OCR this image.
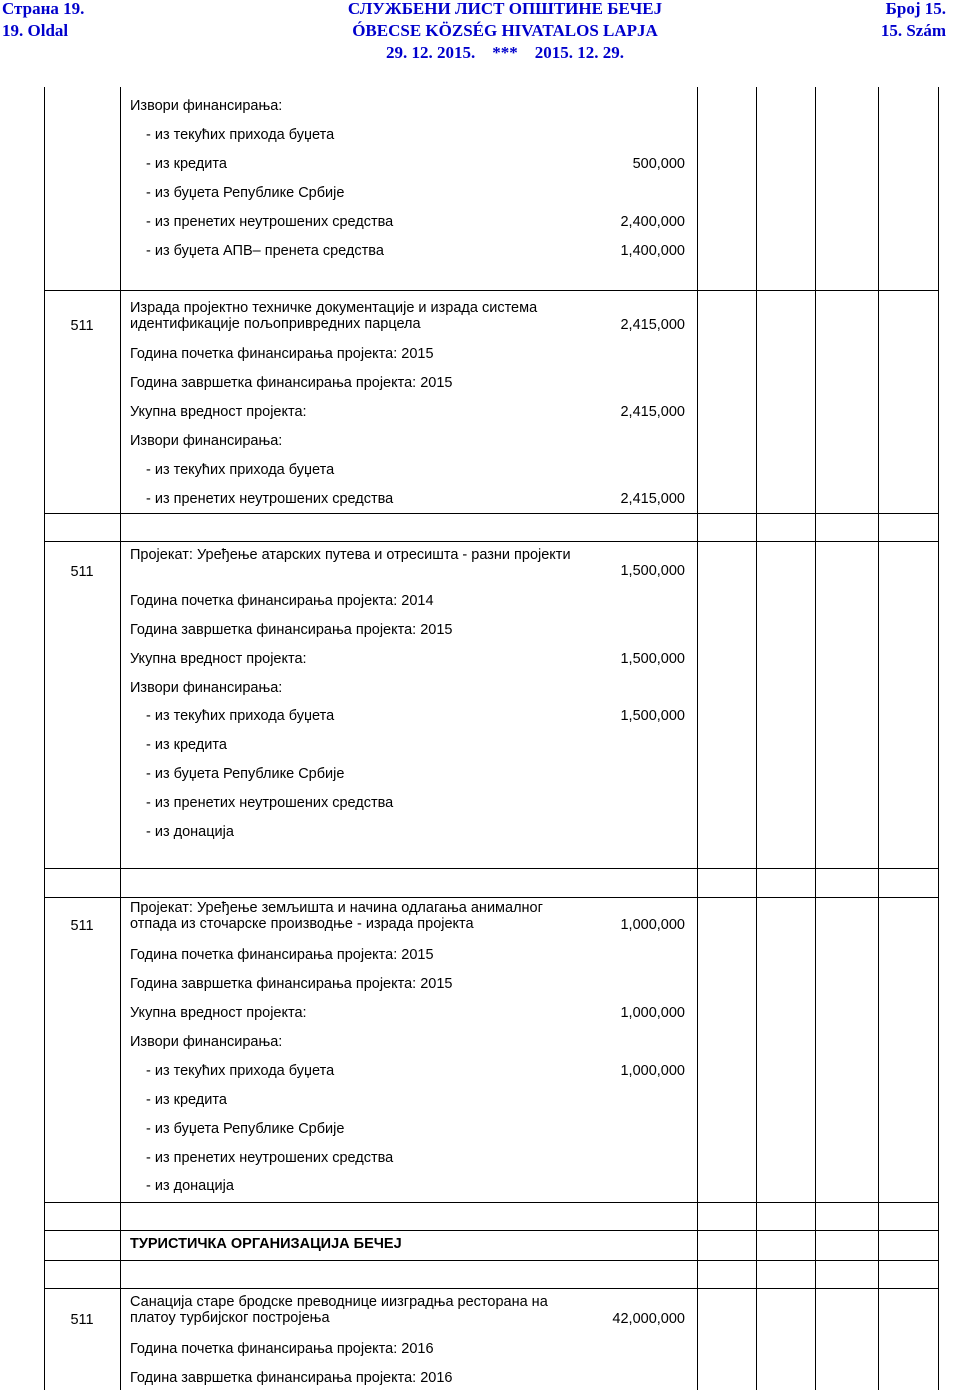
Страна 19.
19. Oldal
СЛУЖБЕНИ ЛИСТ ОПШТИНЕ БЕЧЕЈ
ÓBECSE KÖZSÉG HIVATALOS LAPJA
29. 12. 2015.    ***    2015. 12. 29.
Број 15.
15. Szám
Извори финансирања:
- из текућих прихода буџета
- из кредита	500,000
- из буџета Републике Србије
- из пренетих неутрошених средства	2,400,000
- из буџета АПВ– пренета средства	1,400,000
511
Израда пројектно техничке документације и израда система идентификације пољопривредних парцела	2,415,000
Година почетка финансирања пројекта: 2015
Година завршетка финансирања пројекта: 2015
Укупна вредност пројекта:	2,415,000
Извори финансирања:
- из текућих прихода буџета
- из пренетих неутрошених средства	2,415,000
511
Пројекат: Уређење атарских путева и отресишта - разни пројекти
1,500,000
Година почетка финансирања пројекта: 2014
Година завршетка финансирања пројекта: 2015
Укупна вредност пројекта:	1,500,000
Извори финансирања:
- из текућих прихода буџета	1,500,000
- из кредита
- из буџета Републике Србије
- из пренетих неутрошених средства
- из донација
511
Пројекат: Уређење земљишта и начина одлагања анималног отпада из сточарске производње - израда пројекта	1,000,000
Година почетка финансирања пројекта: 2015
Година завршетка финансирања пројекта: 2015
Укупна вредност пројекта:	1,000,000
Извори финансирања:
- из текућих прихода буџета	1,000,000
- из кредита
- из буџета Републике Србије
- из пренетих неутрошених средства
- из донација
ТУРИСТИЧКА ОРГАНИЗАЦИЈА БЕЧЕЈ
511
Санација старе бродске преводнице иизградња ресторана на платоу турбијског постројења	42,000,000
Година почетка финансирања пројекта: 2016
Година завршетка финансирања пројекта: 2016
